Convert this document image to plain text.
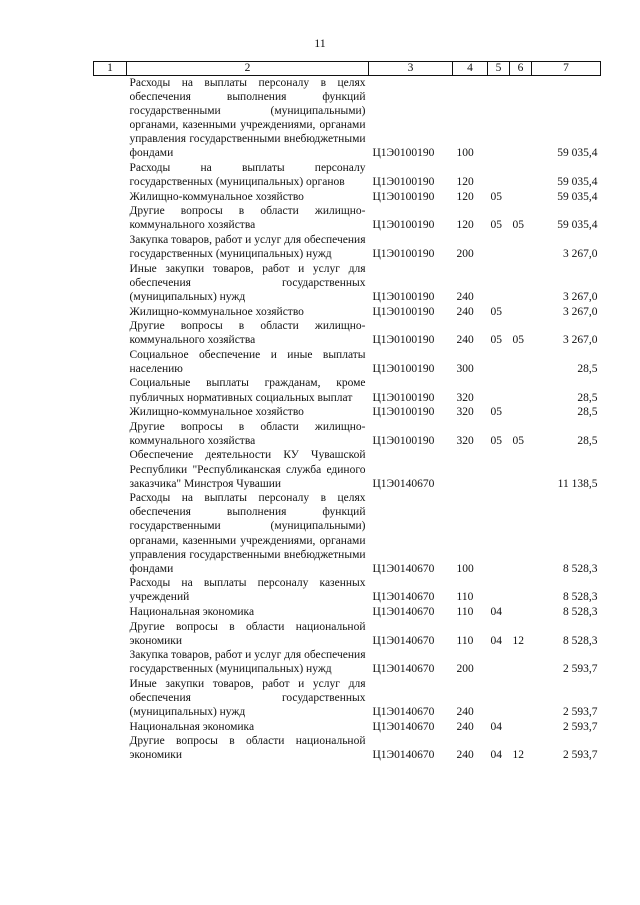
11
1	2	3	4	5	6	7
	Расходы на выплаты персоналу в целях обеспечения выполнения функций государственными (муниципальными) органами, казенными учреждениями, органами управления государственными внебюджетными фондами	Ц1Э0100190	100			59 035,4
	Расходы на выплаты персоналу государственных (муниципальных) органов	Ц1Э0100190	120			59 035,4
	Жилищно-коммунальное хозяйство	Ц1Э0100190	120	05		59 035,4
	Другие вопросы в области жилищно-коммунального хозяйства	Ц1Э0100190	120	05	05	59 035,4
	Закупка товаров, работ и услуг для обеспечения государственных (муниципальных) нужд	Ц1Э0100190	200			3 267,0
	Иные закупки товаров, работ и услуг для обеспечения государственных (муниципальных) нужд	Ц1Э0100190	240			3 267,0
	Жилищно-коммунальное хозяйство	Ц1Э0100190	240	05		3 267,0
	Другие вопросы в области жилищно-коммунального хозяйства	Ц1Э0100190	240	05	05	3 267,0
	Социальное обеспечение и иные выплаты населению	Ц1Э0100190	300			28,5
	Социальные выплаты гражданам, кроме публичных нормативных социальных выплат	Ц1Э0100190	320			28,5
	Жилищно-коммунальное хозяйство	Ц1Э0100190	320	05		28,5
	Другие вопросы в области жилищно-коммунального хозяйства	Ц1Э0100190	320	05	05	28,5
	Обеспечение деятельности КУ Чувашской Республики "Республиканская служба единого заказчика" Минстроя Чувашии	Ц1Э0140670				11 138,5
	Расходы на выплаты персоналу в целях обеспечения выполнения функций государственными (муниципальными) органами, казенными учреждениями, органами управления государственными внебюджетными фондами	Ц1Э0140670	100			8 528,3
	Расходы на выплаты персоналу казенных учреждений	Ц1Э0140670	110			8 528,3
	Национальная экономика	Ц1Э0140670	110	04		8 528,3
	Другие вопросы в области национальной экономики	Ц1Э0140670	110	04	12	8 528,3
	Закупка товаров, работ и услуг для обеспечения государственных (муниципальных) нужд	Ц1Э0140670	200			2 593,7
	Иные закупки товаров, работ и услуг для обеспечения государственных (муниципальных) нужд	Ц1Э0140670	240			2 593,7
	Национальная экономика	Ц1Э0140670	240	04		2 593,7
	Другие вопросы в области национальной экономики	Ц1Э0140670	240	04	12	2 593,7
